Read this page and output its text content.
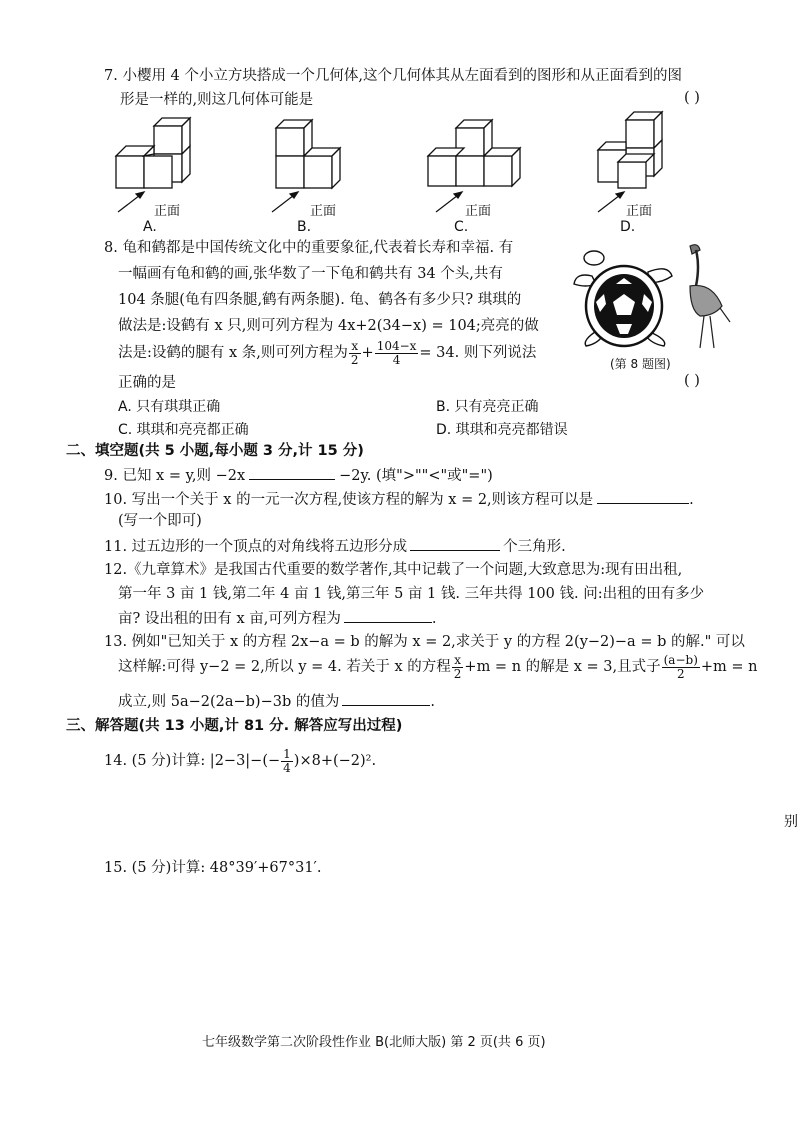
7. 小樱用 4 个小立方块搭成一个几何体,这个几何体其从左面看到的图形和从正面看到的图
形是一样的,则这几何体可能是	( )
正面	正面	正面	正面
A.	B.	C.	D.
8. 龟和鹤都是中国传统文化中的重要象征,代表着长寿和幸福. 有
一幅画有龟和鹤的画,张华数了一下龟和鹤共有 34 个头,共有
104 条腿(龟有四条腿,鹤有两条腿). 龟、鹤各有多少只? 琪琪的
做法是:设鹤有 x 只,则可列方程为 4x+2(34−x) = 104;亮亮的做
法是:设鹤的腿有 x 条,则可列方程为 $\frac{x}{2} + \frac{104-x}{4} = 34$. 则下列说法
正确的是	( )
(第 8 题图)
A. 只有琪琪正确	B. 只有亮亮正确
C. 琪琪和亮亮都正确	D. 琪琪和亮亮都错误
二、填空题(共 5 小题,每小题 3 分,计 15 分)
9. 已知 x = y,则 −2x	−2y. (填">""<"或"=")
10. 写出一个关于 x 的一元一次方程,使该方程的解为 x = 2,则该方程可以是	.
(写一个即可)
11. 过五边形的一个顶点的对角线将五边形分成	个三角形.
12.《九章算术》是我国古代重要的数学著作,其中记载了一个问题,大致意思为:现有田出租,
第一年 3 亩 1 钱,第二年 4 亩 1 钱,第三年 5 亩 1 钱. 三年共得 100 钱. 问:出租的田有多少
亩? 设出租的田有 x 亩,可列方程为	.
13. 例如"已知关于 x 的方程 2x−a = b 的解为 x = 2,求关于 y 的方程 2(y−2)−a = b 的解." 可以
这样解:可得 y−2 = 2,所以 y = 4. 若关于 x 的方程 $\frac{x}{2} +m = n$ 的解是 x = 3,且式子 $\frac{(a-b)}{2} +m = n$
成立,则 5a−2(2a−b)−3b 的值为	.
三、解答题(共 13 小题,计 81 分. 解答应写出过程)
14. (5 分)计算: $|2-3|-(- \frac{1}{4} )\times 8+(-2)^2$.
15. (5 分)计算: 48°39′+67°31′.
别
七年级数学第二次阶段性作业 B(北师大版) 第 2 页(共 6 页)
